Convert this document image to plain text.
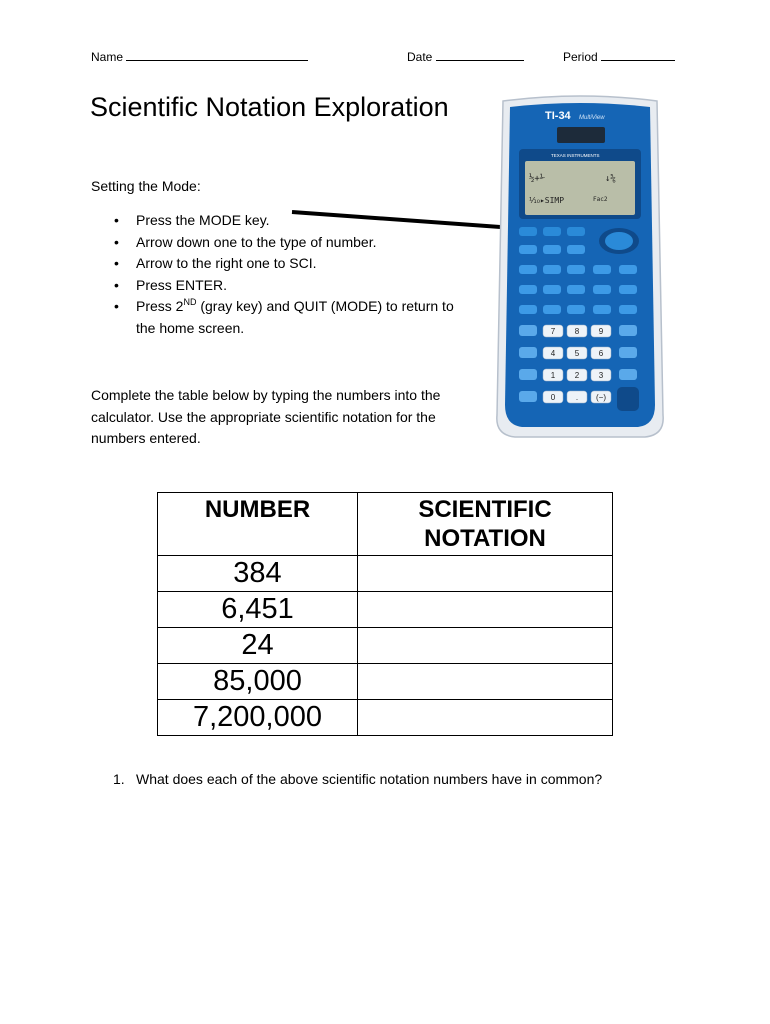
Name	Date	Period
Scientific Notation Exploration

Setting the Mode:

• Press the MODE key.
• Arrow down one to the type of number.
• Arrow to the right one to SCI.
• Press ENTER.
• Press 2ND (gray key) and QUIT (MODE) to return to the home screen.
TI-34 MultiView
TEXAS INSTRUMENTS
½+⅟	↓⅚
⅒▸SIMP	Fac2
7 8 9
4 5 6
1 2 3
0	. (−)

Complete the table below by typing the numbers into the calculator. Use the appropriate scientific notation for the numbers entered.

NUMBER	SCIENTIFIC NOTATION
384	
6,451	
24	
85,000	
7,200,000	

1. What does each of the above scientific notation numbers have in common?
